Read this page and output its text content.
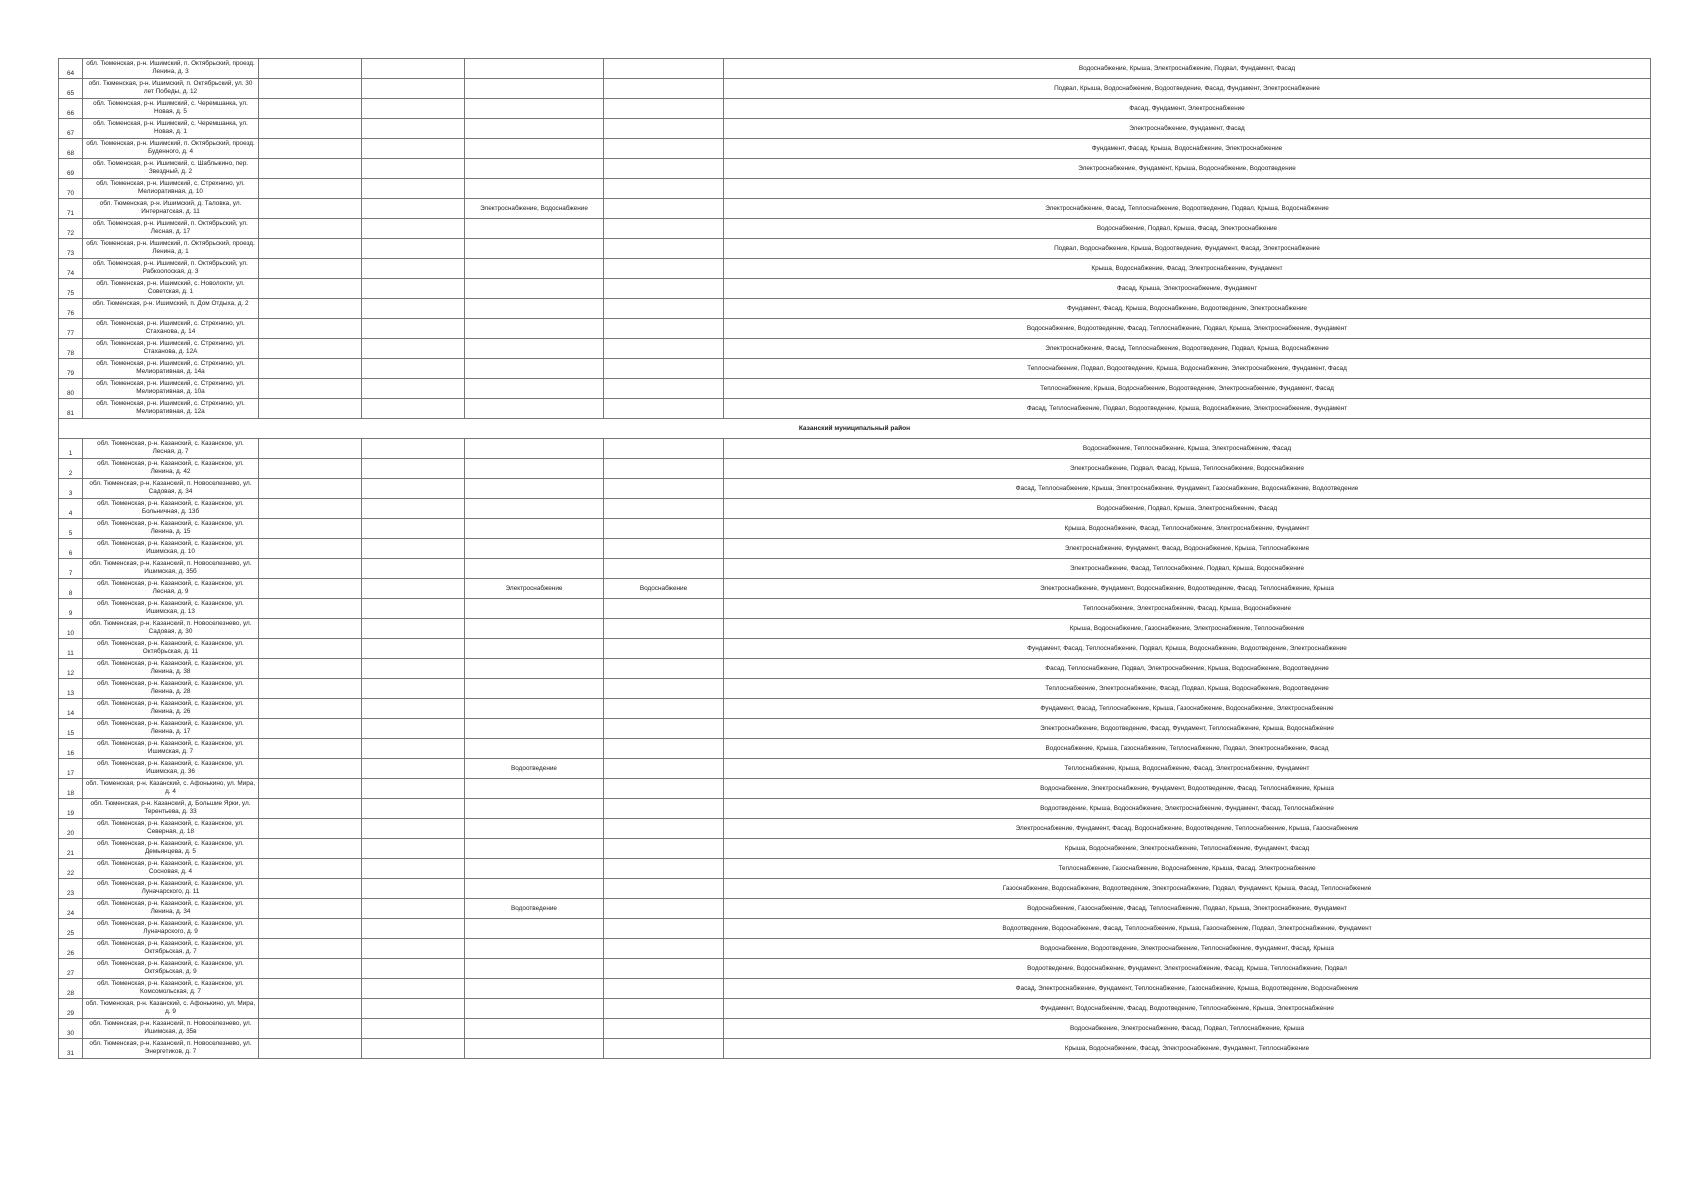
64	обл. Тюменская, р-н. Ишимский, п. Октябрьский, проезд. Ленина, д. 3					Водоснабжение, Крыша, Электроснабжение, Подвал, Фундамент, Фасад
65	обл. Тюменская, р-н. Ишимский, п. Октябрьский, ул. 30 лет Победы, д. 12					Подвал, Крыша, Водоснабжение, Водоотведение, Фасад, Фундамент, Электроснабжение
66	обл. Тюменская, р-н. Ишимский, с. Черемшанка, ул. Новая, д. 5					Фасад, Фундамент, Электроснабжение
67	обл. Тюменская, р-н. Ишимский, с. Черемшанка, ул. Новая, д. 1					Электроснабжение, Фундамент, Фасад
68	обл. Тюменская, р-н. Ишимский, п. Октябрьский, проезд. Буденного, д. 4					Фундамент, Фасад, Крыша, Водоснабжение, Электроснабжение
69	обл. Тюменская, р-н. Ишимский, с. Шаблыкино, пер. Звездный, д. 2					Электроснабжение, Фундамент, Крыша, Водоснабжение, Водоотведение
70	обл. Тюменская, р-н. Ишимский, с. Стрехнино, ул. Мелиоративная, д. 10					
71	обл. Тюменская, р-н. Ишимский, д. Таловка, ул. Интернатская, д. 11			Электроснабжение, Водоснабжение		Электроснабжение, Фасад, Теплоснабжение, Водоотведение, Подвал, Крыша, Водоснабжение
72	обл. Тюменская, р-н. Ишимский, п. Октябрьский, ул. Лесная, д. 17					Водоснабжение, Подвал, Крыша, Фасад, Электроснабжение
73	обл. Тюменская, р-н. Ишимский, п. Октябрьский, проезд. Ленина, д. 1					Подвал, Водоснабжение, Крыша, Водоотведение, Фундамент, Фасад, Электроснабжение
74	обл. Тюменская, р-н. Ишимский, п. Октябрьский, ул. Рабкоопоская, д. 3					Крыша, Водоснабжение, Фасад, Электроснабжение, Фундамент
75	обл. Тюменская, р-н. Ишимский, с. Новолокти, ул. Советская, д. 1					Фасад, Крыша, Электроснабжение, Фундамент
76	обл. Тюменская, р-н. Ишимский, п. Дом Отдыха, д. 2					Фундамент, Фасад, Крыша, Водоснабжение, Водоотведение, Электроснабжение
77	обл. Тюменская, р-н. Ишимский, с. Стрехнино, ул. Стаханова, д. 14					Водоснабжение, Водоотведение, Фасад, Теплоснабжение, Подвал, Крыша, Электроснабжение, Фундамент
78	обл. Тюменская, р-н. Ишимский, с. Стрехнино, ул. Стаханова, д. 12А					Электроснабжение, Фасад, Теплоснабжение, Водоотведение, Подвал, Крыша, Водоснабжение
79	обл. Тюменская, р-н. Ишимский, с. Стрехнино, ул. Мелиоративная, д. 14а					Теплоснабжение, Подвал, Водоотведение, Крыша, Водоснабжение, Электроснабжение, Фундамент, Фасад
80	обл. Тюменская, р-н. Ишимский, с. Стрехнино, ул. Мелиоративная, д. 10а					Теплоснабжение, Крыша, Водоснабжение, Водоотведение, Электроснабжение, Фундамент, Фасад
81	обл. Тюменская, р-н. Ишимский, с. Стрехнино, ул. Мелиоративная, д. 12а					Фасад, Теплоснабжение, Подвал, Водоотведение, Крыша, Водоснабжение, Электроснабжение, Фундамент
Казанский муниципальный район						
1	обл. Тюменская, р-н. Казанский, с. Казанское, ул. Лесная, д. 7					Водоснабжение, Теплоснабжение, Крыша, Электроснабжение, Фасад
2	обл. Тюменская, р-н. Казанский, с. Казанское, ул. Ленина, д. 42					Электроснабжение, Подвал, Фасад, Крыша, Теплоснабжение, Водоснабжение
3	обл. Тюменская, р-н. Казанский, п. Новоселезнево, ул. Садовая, д. 34					Фасад, Теплоснабжение, Крыша, Электроснабжение, Фундамент, Газоснабжение, Водоснабжение, Водоотведение
4	обл. Тюменская, р-н. Казанский, с. Казанское, ул. Больничная, д. 13б					Водоснабжение, Подвал, Крыша, Электроснабжение, Фасад
5	обл. Тюменская, р-н. Казанский, с. Казанское, ул. Ленина, д. 15					Крыша, Водоснабжение, Фасад, Теплоснабжение, Электроснабжение, Фундамент
6	обл. Тюменская, р-н. Казанский, с. Казанское, ул. Ишимская, д. 10					Электроснабжение, Фундамент, Фасад, Водоснабжение, Крыша, Теплоснабжение
7	обл. Тюменская, р-н. Казанский, п. Новоселезнево, ул. Ишимская, д. 35б					Электроснабжение, Фасад, Теплоснабжение, Подвал, Крыша, Водоснабжение
8	обл. Тюменская, р-н. Казанский, с. Казанское, ул. Лесная, д. 9			Электроснабжение	Водоснабжение	Электроснабжение, Фундамент, Водоснабжение, Водоотведение, Фасад, Теплоснабжение, Крыша
9	обл. Тюменская, р-н. Казанский, с. Казанское, ул. Ишимская, д. 13					Теплоснабжение, Электроснабжение, Фасад, Крыша, Водоснабжение
10	обл. Тюменская, р-н. Казанский, п. Новоселезнево, ул. Садовая, д. 30					Крыша, Водоснабжение, Газоснабжение, Электроснабжение, Теплоснабжение
11	обл. Тюменская, р-н. Казанский, с. Казанское, ул. Октябрьская, д. 11					Фундамент, Фасад, Теплоснабжение, Подвал, Крыша, Водоснабжение, Водоотведение, Электроснабжение
12	обл. Тюменская, р-н. Казанский, с. Казанское, ул. Ленина, д. 38					Фасад, Теплоснабжение, Подвал, Электроснабжение, Крыша, Водоснабжение, Водоотведение
13	обл. Тюменская, р-н. Казанский, с. Казанское, ул. Ленина, д. 28					Теплоснабжение, Электроснабжение, Фасад, Подвал, Крыша, Водоснабжение, Водоотведение
14	обл. Тюменская, р-н. Казанский, с. Казанское, ул. Ленина, д. 26					Фундамент, Фасад, Теплоснабжение, Крыша, Газоснабжение, Водоснабжение, Электроснабжение
15	обл. Тюменская, р-н. Казанский, с. Казанское, ул. Ленина, д. 17					Электроснабжение, Водоотведение, Фасад, Фундамент, Теплоснабжение, Крыша, Водоснабжение
16	обл. Тюменская, р-н. Казанский, с. Казанское, ул. Ишимская, д. 7					Водоснабжение, Крыша, Газоснабжение, Теплоснабжение, Подвал, Электроснабжение, Фасад
17	обл. Тюменская, р-н. Казанский, с. Казанское, ул. Ишимская, д. 36			Водоотведение		Теплоснабжение, Крыша, Водоснабжение, Фасад, Электроснабжение, Фундамент
18	обл. Тюменская, р-н. Казанский, с. Афонькино, ул. Мира, д. 4					Водоснабжение, Электроснабжение, Фундамент, Водоотведение, Фасад, Теплоснабжение, Крыша
19	обл. Тюменская, р-н. Казанский, д. Большие Ярки, ул. Терентьева, д. 33					Водоотведение, Крыша, Водоснабжение, Электроснабжение, Фундамент, Фасад, Теплоснабжение
20	обл. Тюменская, р-н. Казанский, с. Казанское, ул. Северная, д. 18					Электроснабжение, Фундамент, Фасад, Водоснабжение, Водоотведение, Теплоснабжение, Крыша, Газоснабжение
21	обл. Тюменская, р-н. Казанский, с. Казанское, ул. Демьянцева, д. 5					Крыша, Водоснабжение, Электроснабжение, Теплоснабжение, Фундамент, Фасад
22	обл. Тюменская, р-н. Казанский, с. Казанское, ул. Сосновая, д. 4					Теплоснабжение, Газоснабжение, Водоснабжение, Крыша, Фасад, Электроснабжение
23	обл. Тюменская, р-н. Казанский, с. Казанское, ул. Луначарского, д. 11					Газоснабжение, Водоснабжение, Водоотведение, Электроснабжение, Подвал, Фундамент, Крыша, Фасад, Теплоснабжение
24	обл. Тюменская, р-н. Казанский, с. Казанское, ул. Ленина, д. 34			Водоотведение		Водоснабжение, Газоснабжение, Фасад, Теплоснабжение, Подвал, Крыша, Электроснабжение, Фундамент
25	обл. Тюменская, р-н. Казанский, с. Казанское, ул. Луначарского, д. 9					Водоотведение, Водоснабжение, Фасад, Теплоснабжение, Крыша, Газоснабжение, Подвал, Электроснабжение, Фундамент
26	обл. Тюменская, р-н. Казанский, с. Казанское, ул. Октябрьская, д. 7					Водоснабжение, Водоотведение, Электроснабжение, Теплоснабжение, Фундамент, Фасад, Крыша
27	обл. Тюменская, р-н. Казанский, с. Казанское, ул. Октябрьская, д. 9					Водоотведение, Водоснабжение, Фундамент, Электроснабжение, Фасад, Крыша, Теплоснабжение, Подвал
28	обл. Тюменская, р-н. Казанский, с. Казанское, ул. Комсомольская, д. 7					Фасад, Электроснабжение, Фундамент, Теплоснабжение, Газоснабжение, Крыша, Водоотведение, Водоснабжение
29	обл. Тюменская, р-н. Казанский, с. Афонькино, ул. Мира, д. 9					Фундамент, Водоснабжение, Фасад, Водоотведение, Теплоснабжение, Крыша, Электроснабжение
30	обл. Тюменская, р-н. Казанский, п. Новоселезнево, ул. Ишимская, д. 35в					Водоснабжение, Электроснабжение, Фасад, Подвал, Теплоснабжение, Крыша
31	обл. Тюменская, р-н. Казанский, п. Новоселезнево, ул. Энергетиков, д. 7					Крыша, Водоснабжение, Фасад, Электроснабжение, Фундамент, Теплоснабжение
